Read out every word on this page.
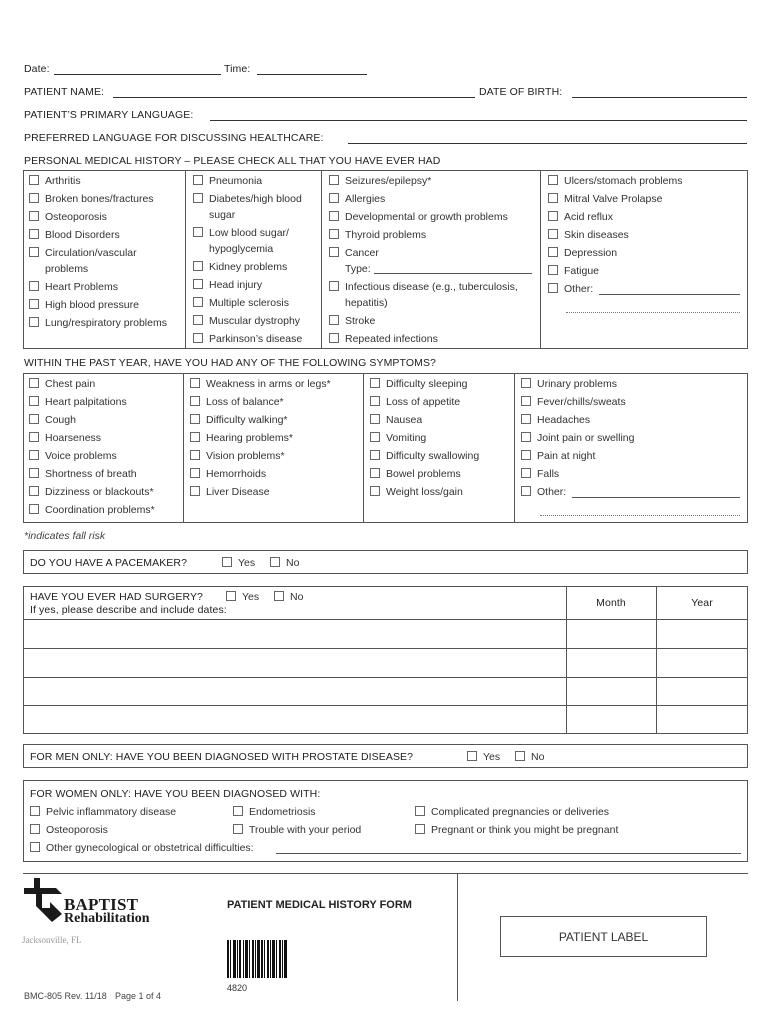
Date:	Time:
PATIENT NAME:	DATE OF BIRTH:
PATIENT’S PRIMARY LANGUAGE:
PREFERRED LANGUAGE FOR DISCUSSING HEALTHCARE:
PERSONAL MEDICAL HISTORY – PLEASE CHECK ALL THAT YOU HAVE EVER HAD
Arthritis
Broken bones/fractures
Osteoporosis
Blood Disorders
Circulation/vascular
problems
Heart Problems
High blood pressure
Lung/respiratory problems
Pneumonia
Diabetes/high blood
sugar
Low blood sugar/
hypoglycemia
Kidney problems
Head injury
Multiple sclerosis
Muscular dystrophy
Parkinson’s disease
Seizures/epilepsy*
Allergies
Developmental or growth problems
Thyroid problems
Cancer
Type:
Infectious disease (e.g., tuberculosis,
hepatitis)
Stroke
Repeated infections
Ulcers/stomach problems
Mitral Valve Prolapse
Acid reflux
Skin diseases
Depression
Fatigue
Other:
WITHIN THE PAST YEAR, HAVE YOU HAD ANY OF THE FOLLOWING SYMPTOMS?
Chest pain
Heart palpitations
Cough
Hoarseness
Voice problems
Shortness of breath
Dizziness or blackouts*
Coordination problems*
Weakness in arms or legs*
Loss of balance*
Difficulty walking*
Hearing problems*
Vision problems*
Hemorrhoids
Liver Disease
Difficulty sleeping
Loss of appetite
Nausea
Vomiting
Difficulty swallowing
Bowel problems
Weight loss/gain
Urinary problems
Fever/chills/sweats
Headaches
Joint pain or swelling
Pain at night
Falls
Other:
*indicates fall risk
DO YOU HAVE A PACEMAKER?	Yes	No
HAVE YOU EVER HAD SURGERY?	Yes	No
If yes, please describe and include dates:
Month	Year
FOR MEN ONLY: HAVE YOU BEEN DIAGNOSED WITH PROSTATE DISEASE?	Yes	No
FOR WOMEN ONLY: HAVE YOU BEEN DIAGNOSED WITH:
Pelvic inflammatory disease	Endometriosis	Complicated pregnancies or deliveries
Osteoporosis	Trouble with your period	Pregnant or think you might be pregnant
Other gynecological or obstetrical difficulties:
BAPTIST
Rehabilitation
Jacksonville, FL
PATIENT MEDICAL HISTORY FORM
4820
PATIENT LABEL
BMC-805 Rev. 11/18 Page 1 of 4
